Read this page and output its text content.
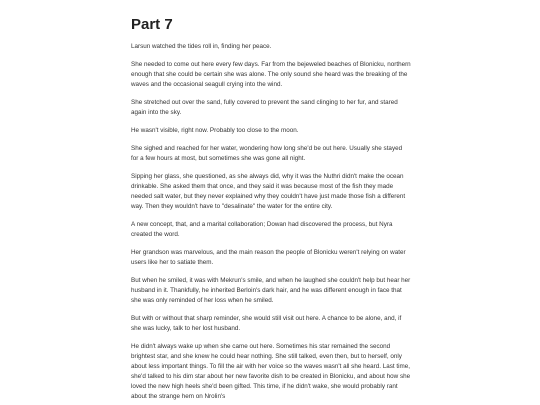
Part 7

Larsun watched the tides roll in, finding her peace.

She needed to come out here every few days. Far from the bejeweled beaches of Blonicku, northern enough that she could be certain she was alone. The only sound she heard was the breaking of the waves and the occasional seagull crying into the wind.

She stretched out over the sand, fully covered to prevent the sand clinging to her fur, and stared again into the sky.

He wasn't visible, right now. Probably too close to the moon.

She sighed and reached for her water, wondering how long she'd be out here. Usually she stayed for a few hours at most, but sometimes she was gone all night.

Sipping her glass, she questioned, as she always did, why it was the Nuthri didn't make the ocean drinkable. She asked them that once, and they said it was because most of the fish they made needed salt water, but they never explained why they couldn't have just made those fish a different way. Then they wouldn't have to "desalinate" the water for the entire city.

A new concept, that, and a marital collaboration; Dowan had discovered the process, but Nyra created the word.

Her grandson was marvelous, and the main reason the people of Blonicku weren't relying on water users like her to satiate them.

But when he smiled, it was with Mekrun's smile, and when he laughed she couldn't help but hear her husband in it. Thankfully, he inherited Berloin's dark hair, and he was different enough in face that she was only reminded of her loss when he smiled.

But with or without that sharp reminder, she would still visit out here. A chance to be alone, and, if she was lucky, talk to her lost husband.

He didn't always wake up when she came out here. Sometimes his star remained the second brightest star, and she knew he could hear nothing. She still talked, even then, but to herself, only about less important things. To fill the air with her voice so the waves wasn't all she heard. Last time, she'd talked to his dim star about her new favorite dish to be created in Blonicku, and about how she loved the new high heels she'd been gifted. This time, if he didn't wake, she would probably rant about the strange hem on Nrolin's
